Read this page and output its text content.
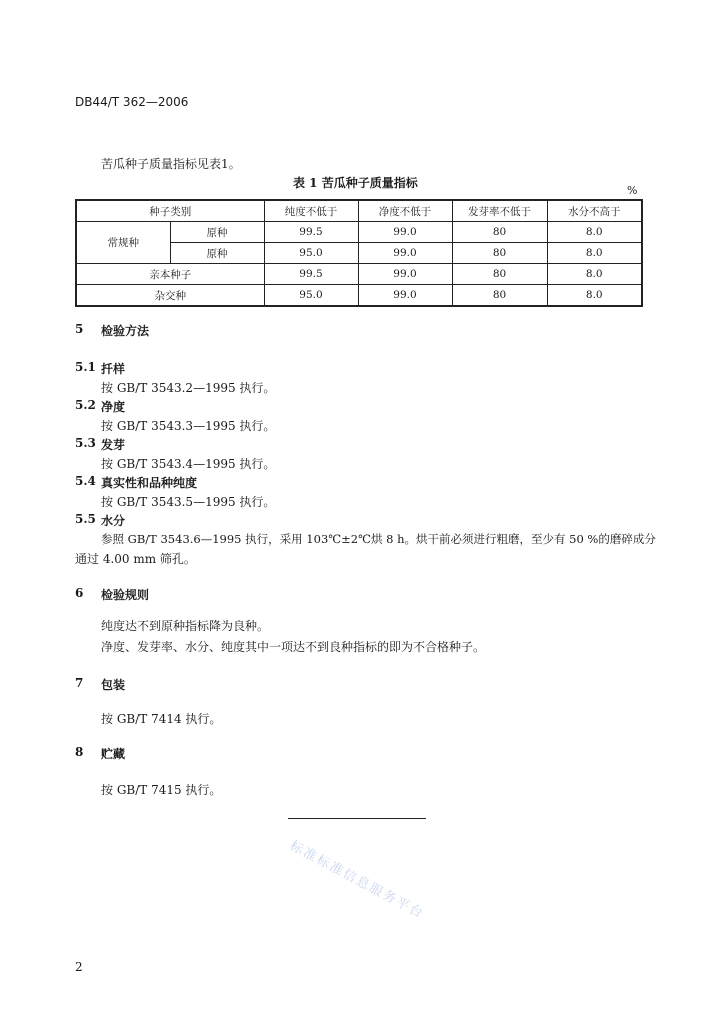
DB44/T 362—2006
苦瓜种子质量指标见表1。
表 1 苦瓜种子质量指标
%
种子类别		纯度不低于	净度不低于	发芽率不低于	水分不高于
常规种	原种	99.5	99.0	80	8.0
	原种	95.0	99.0	80	8.0
亲本种子		99.5	99.0	80	8.0
杂交种		95.0	99.0	80	8.0
5 检验方法
5.1 扦样
按 GB/T 3543.2—1995 执行。
5.2 净度
按 GB/T 3543.3—1995 执行。
5.3 发芽
按 GB/T 3543.4—1995 执行。
5.4 真实性和品种纯度
按 GB/T 3543.5—1995 执行。
5.5 水分
参照 GB/T 3543.6—1995 执行，采用 103℃±2℃烘 8 h。烘干前必须进行粗磨，至少有 50 %的磨碎成分
通过 4.00 mm 筛孔。
6 检验规则
纯度达不到原种指标降为良种。
净度、发芽率、水分、纯度其中一项达不到良种指标的即为不合格种子。
7 包装
按 GB/T 7414 执行。
8 贮藏
按 GB/T 7415 执行。
标准标准信息服务平台
2
